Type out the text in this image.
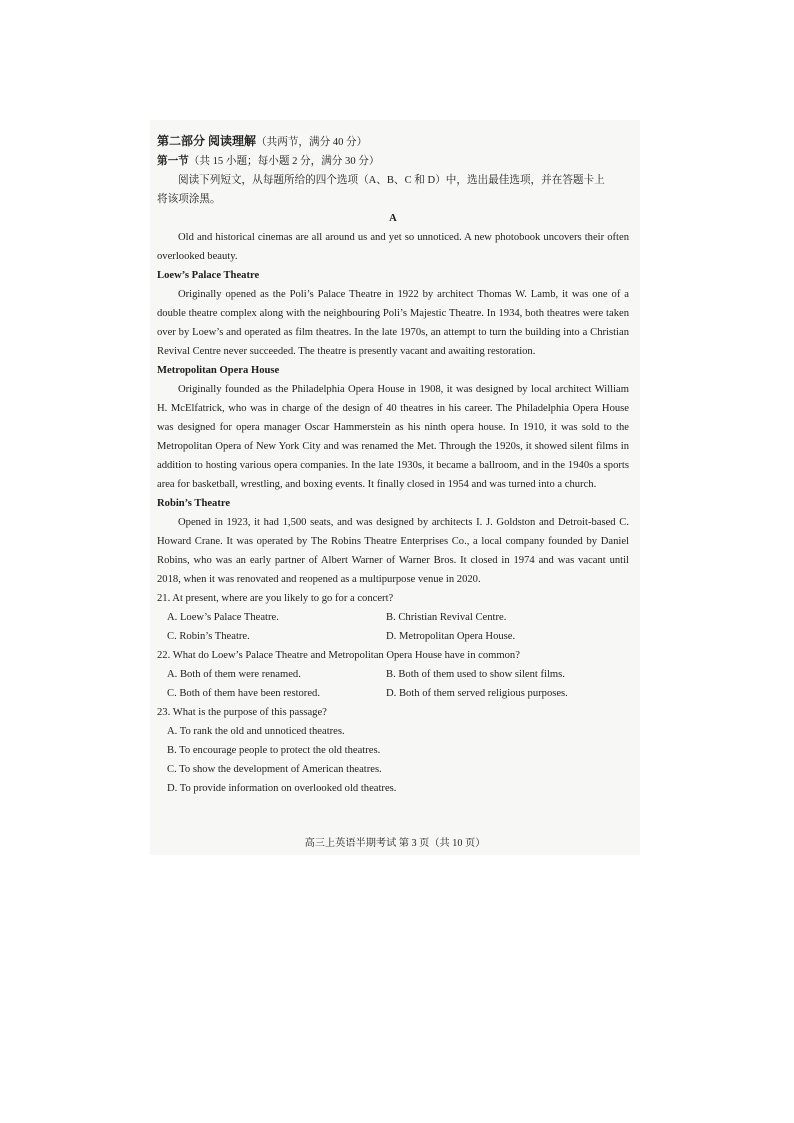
第二部分 阅读理解（共两节，满分 40 分）

第一节（共 15 小题；每小题 2 分，满分 30 分）

阅读下列短文，从每题所给的四个选项（A、B、C 和 D）中，选出最佳选项，并在答题卡上

将该项涂黑。

A

Old and historical cinemas are all around us and yet so unnoticed. A new photobook uncovers their often overlooked beauty.

Loew’s Palace Theatre

Originally opened as the Poli’s Palace Theatre in 1922 by architect Thomas W. Lamb, it was one of a double theatre complex along with the neighbouring Poli’s Majestic Theatre. In 1934, both theatres were taken over by Loew’s and operated as film theatres. In the late 1970s, an attempt to turn the building into a Christian Revival Centre never succeeded. The theatre is presently vacant and awaiting restoration.

Metropolitan Opera House

Originally founded as the Philadelphia Opera House in 1908, it was designed by local architect William H. McElfatrick, who was in charge of the design of 40 theatres in his career. The Philadelphia Opera House was designed for opera manager Oscar Hammerstein as his ninth opera house. In 1910, it was sold to the Metropolitan Opera of New York City and was renamed the Met. Through the 1920s, it showed silent films in addition to hosting various opera companies. In the late 1930s, it became a ballroom, and in the 1940s a sports area for basketball, wrestling, and boxing events. It finally closed in 1954 and was turned into a church.

Robin’s Theatre

Opened in 1923, it had 1,500 seats, and was designed by architects I. J. Goldston and Detroit-based C. Howard Crane. It was operated by The Robins Theatre Enterprises Co., a local company founded by Daniel Robins, who was an early partner of Albert Warner of Warner Bros. It closed in 1974 and was vacant until 2018, when it was renovated and reopened as a multipurpose venue in 2020.

21. At present, where are you likely to go for a concert?

A. Loew’s Palace Theatre.	B. Christian Revival Centre.
C. Robin’s Theatre.	D. Metropolitan Opera House.

22. What do Loew’s Palace Theatre and Metropolitan Opera House have in common?

A. Both of them were renamed.	B. Both of them used to show silent films.
C. Both of them have been restored.	D. Both of them served religious purposes.

23. What is the purpose of this passage?

A. To rank the old and unnoticed theatres.

B. To encourage people to protect the old theatres.

C. To show the development of American theatres.

D. To provide information on overlooked old theatres.

高三上英语半期考试 第 3 页（共 10 页）
